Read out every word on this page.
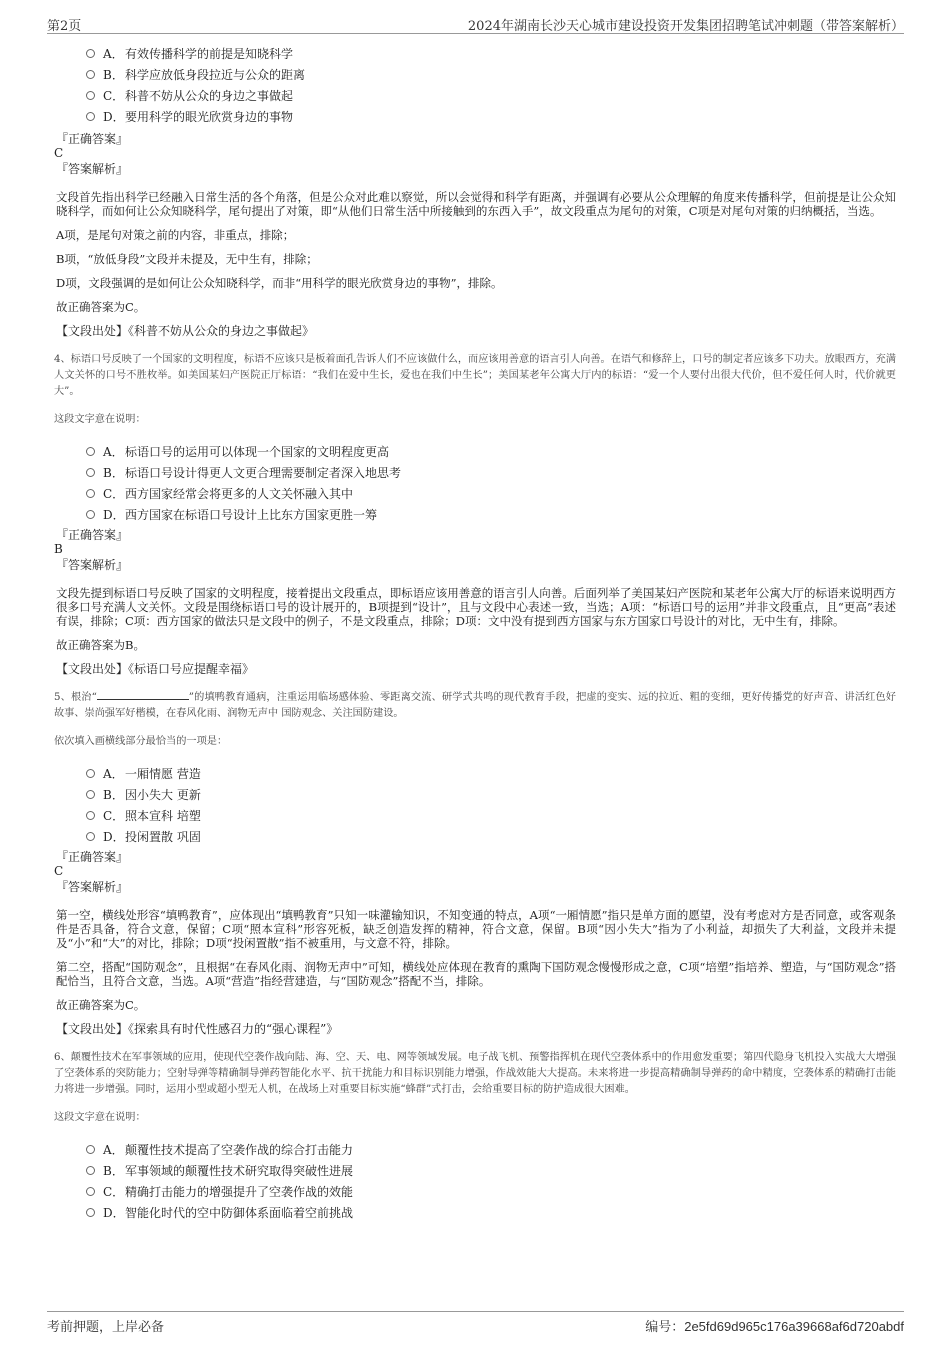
第2页	2024年湖南长沙天心城市建设投资开发集团招聘笔试冲刺题（带答案解析）
A．有效传播科学的前提是知晓科学
B．科学应放低身段拉近与公众的距离
C．科普不妨从公众的身边之事做起
D．要用科学的眼光欣赏身边的事物
『正确答案』
C
『答案解析』
文段首先指出科学已经融入日常生活的各个角落，但是公众对此难以察觉，所以会觉得和科学有距离，并强调有必要从公众理解的角度来传播科学，但前提是让公众知晓科学，而如何让公众知晓科学，尾句提出了对策，即“从他们日常生活中所接触到的东西入手”，故文段重点为尾句的对策，C项是对尾句对策的归纳概括，当选。
A项，是尾句对策之前的内容，非重点，排除；
B项，“放低身段”文段并未提及，无中生有，排除；
D项，文段强调的是如何让公众知晓科学，而非“用科学的眼光欣赏身边的事物”，排除。
故正确答案为C。
【文段出处】《科普不妨从公众的身边之事做起》
4、标语口号反映了一个国家的文明程度，标语不应该只是板着面孔告诉人们不应该做什么，而应该用善意的语言引人向善。在语气和修辞上，口号的制定者应该多下功夫。放眼西方，充满人文关怀的口号不胜枚举。如美国某妇产医院正厅标语：“我们在爱中生长，爱也在我们中生长”；美国某老年公寓大厅内的标语：“爱一个人要付出很大代价，但不爱任何人时，代价就更大”。
这段文字意在说明：
A．标语口号的运用可以体现一个国家的文明程度更高
B．标语口号设计得更人文更合理需要制定者深入地思考
C．西方国家经常会将更多的人文关怀融入其中
D．西方国家在标语口号设计上比东方国家更胜一筹
『正确答案』
B
『答案解析』
文段先提到标语口号反映了国家的文明程度，接着提出文段重点，即标语应该用善意的语言引人向善。后面列举了美国某妇产医院和某老年公寓大厅的标语来说明西方很多口号充满人文关怀。文段是围绕标语口号的设计展开的，B项提到“设计”，且与文段中心表述一致，当选；A项：“标语口号的运用”并非文段重点，且“更高”表述有误，排除；C项：西方国家的做法只是文段中的例子，不是文段重点，排除；D项：文中没有提到西方国家与东方国家口号设计的对比，无中生有，排除。
故正确答案为B。
【文段出处】《标语口号应提醒幸福》
5、根治“	”的填鸭教育通病，注重运用临场感体验、零距离交流、研学式共鸣的现代教育手段，把虚的变实、远的拉近、粗的变细，更好传播党的好声音、讲活红色好故事、崇尚强军好楷模，在春风化雨、润物无声中 国防观念、关注国防建设。
依次填入画横线部分最恰当的一项是：
A．一厢情愿 营造
B．因小失大 更新
C．照本宣科 培塑
D．投闲置散 巩固
『正确答案』
C
『答案解析』
第一空，横线处形容“填鸭教育”，应体现出“填鸭教育”只知一味灌输知识，不知变通的特点，A项“一厢情愿”指只是单方面的愿望，没有考虑对方是否同意，或客观条件是否具备，符合文意，保留；C项“照本宣科”形容死板，缺乏创造发挥的精神，符合文意，保留。B项“因小失大”指为了小利益，却损失了大利益，文段并未提及“小”和“大”的对比，排除；D项“投闲置散”指不被重用，与文意不符，排除。
第二空，搭配“国防观念”，且根据“在春风化雨、润物无声中”可知，横线处应体现在教育的熏陶下国防观念慢慢形成之意，C项“培塑”指培养、塑造，与“国防观念”搭配恰当，且符合文意，当选。A项“营造”指经营建造，与“国防观念”搭配不当，排除。
故正确答案为C。
【文段出处】《探索具有时代性感召力的“强心课程”》
6、颠覆性技术在军事领域的应用，使现代空袭作战向陆、海、空、天、电、网等领域发展。电子战飞机、预警指挥机在现代空袭体系中的作用愈发重要；第四代隐身飞机投入实战大大增强了空袭体系的突防能力；空射导弹等精确制导弹药智能化水平、抗干扰能力和目标识别能力增强，作战效能大大提高。未来将进一步提高精确制导弹药的命中精度，空袭体系的精确打击能力将进一步增强。同时，运用小型或超小型无人机，在战场上对重要目标实施“蜂群”式打击，会给重要目标的防护造成很大困难。
这段文字意在说明：
A．颠覆性技术提高了空袭作战的综合打击能力
B．军事领域的颠覆性技术研究取得突破性进展
C．精确打击能力的增强提升了空袭作战的效能
D．智能化时代的空中防御体系面临着空前挑战
考前押题，上岸必备	编号：2e5fd69d965c176a39668af6d720abdf
